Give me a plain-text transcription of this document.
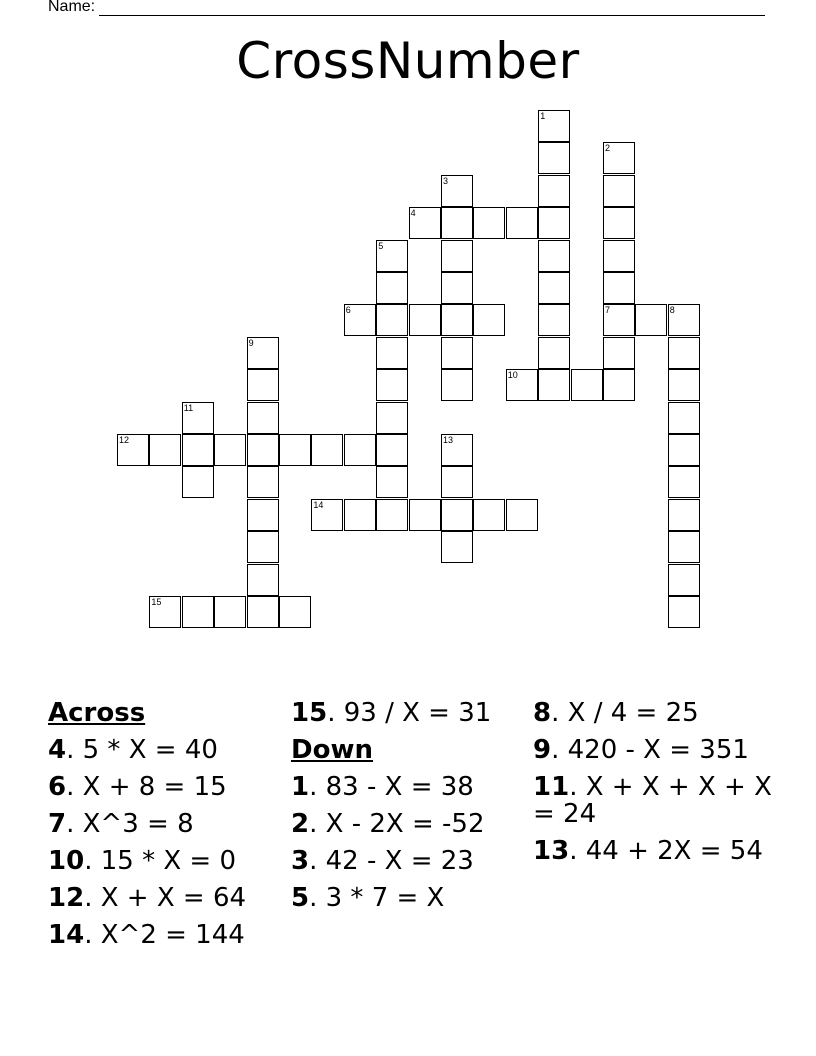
Name:
CrossNumber
1
2
3
4
5
6	7	8
9
10
11
12	13
14
15
Across
4. 5 * X = 40
6. X + 8 = 15
7. X^3 = 8
10. 15 * X = 0
12. X + X = 64
14. X^2 = 144
15. 93 / X = 31
Down
1. 83 - X = 38
2. X - 2X = -52
3. 42 - X = 23
5. 3 * 7 = X
8. X / 4 = 25
9. 420 - X = 351
11. X + X + X + X = 24
13. 44 + 2X = 54
